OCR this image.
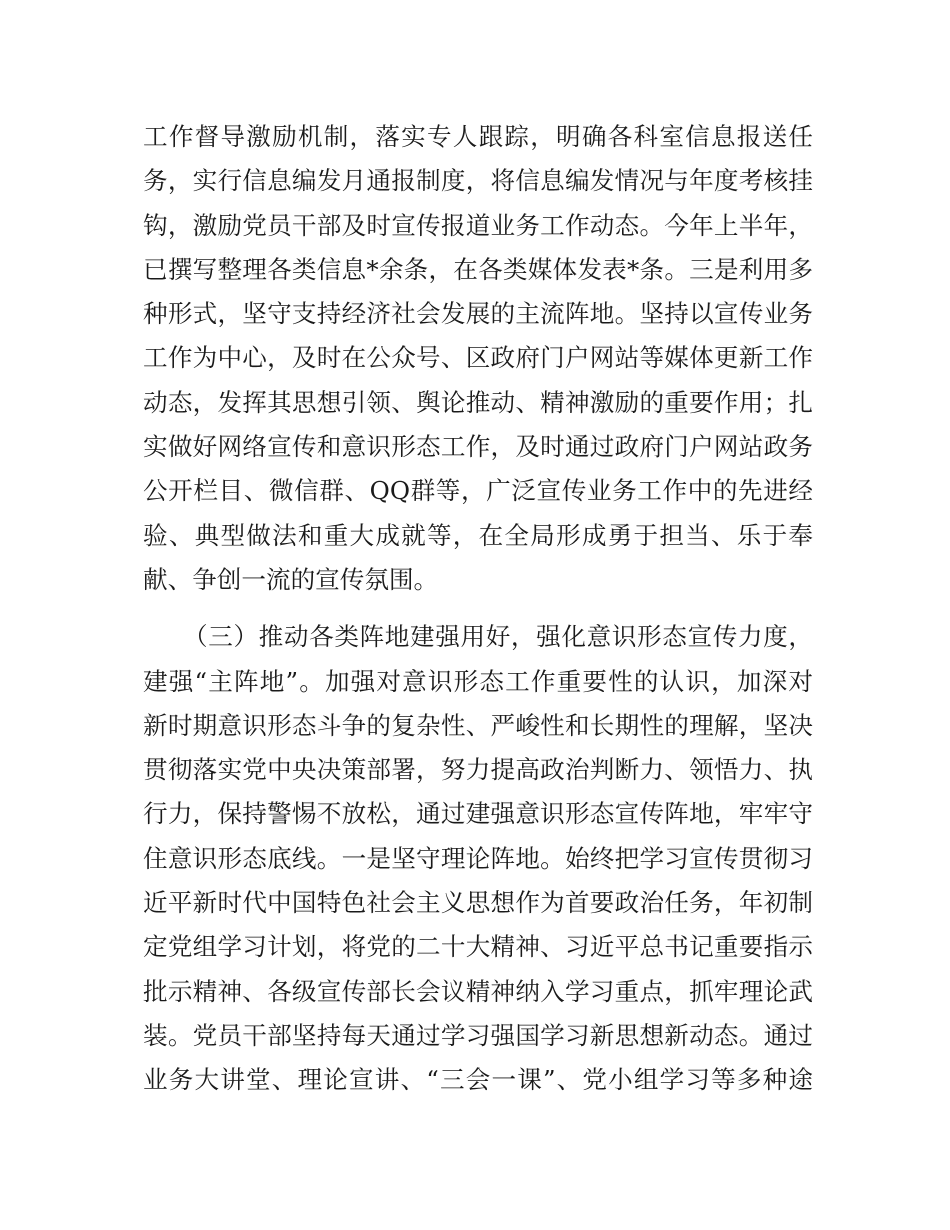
工作督导激励机制，落实专人跟踪，明确各科室信息报送任
务，实行信息编发月通报制度，将信息编发情况与年度考核挂
钩，激励党员干部及时宣传报道业务工作动态。今年上半年，
已撰写整理各类信息*余条，在各类媒体发表*条。三是利用多
种形式，坚守支持经济社会发展的主流阵地。坚持以宣传业务
工作为中心，及时在公众号、区政府门户网站等媒体更新工作
动态，发挥其思想引领、舆论推动、精神激励的重要作用；扎
实做好网络宣传和意识形态工作，及时通过政府门户网站政务
公开栏目、微信群、QQ群等，广泛宣传业务工作中的先进经
验、典型做法和重大成就等，在全局形成勇于担当、乐于奉
献、争创一流的宣传氛围。
（三）推动各类阵地建强用好，强化意识形态宣传力度，
建强“主阵地”。加强对意识形态工作重要性的认识，加深对
新时期意识形态斗争的复杂性、严峻性和长期性的理解，坚决
贯彻落实党中央决策部署，努力提高政治判断力、领悟力、执
行力，保持警惕不放松，通过建强意识形态宣传阵地，牢牢守
住意识形态底线。一是坚守理论阵地。始终把学习宣传贯彻习
近平新时代中国特色社会主义思想作为首要政治任务，年初制
定党组学习计划，将党的二十大精神、习近平总书记重要指示
批示精神、各级宣传部长会议精神纳入学习重点，抓牢理论武
装。党员干部坚持每天通过学习强国学习新思想新动态。通过
业务大讲堂、理论宣讲、“三会一课”、党小组学习等多种途
